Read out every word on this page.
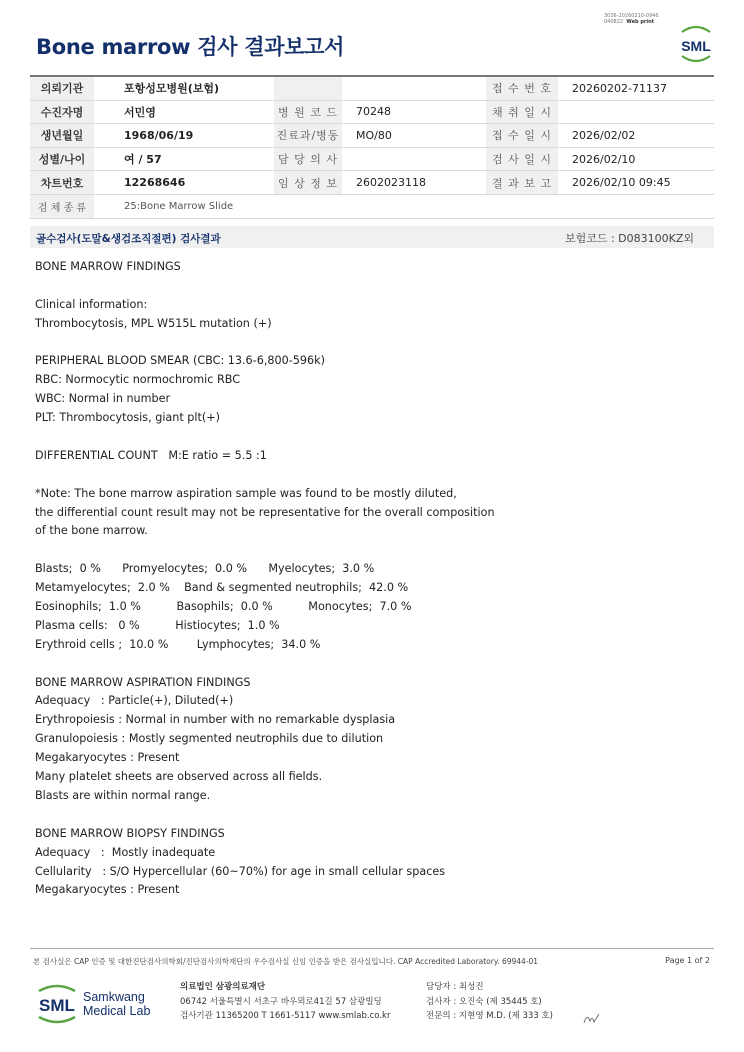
3036-20260210-0946
040822 Web print
Bone marrow 검사 결과보고서	SML
의뢰기관	포항성모병원(보험)			접 수 번 호	20260202-71137
수진자명	서민영	병 원 코 드	70248	채 취 일 시	
생년월일	1968/06/19	진료과/병동	MO/80	접 수 일 시	2026/02/02
성별/나이	여 / 57	담 당 의 사		검 사 일 시	2026/02/10
차트번호	12268646	임 상 정 보	2602023118	결 과 보 고	2026/02/10 09:45
검 체 종 류	25:Bone Marrow Slide				
골수검사(도말&생검조직절편) 검사결과	보험코드 : D083100KZ외
BONE MARROW FINDINGS
Clinical information:
Thrombocytosis, MPL W515L mutation (+)
PERIPHERAL BLOOD SMEAR (CBC: 13.6-6,800-596k)
RBC: Normocytic normochromic RBC
WBC: Normal in number
PLT: Thrombocytosis, giant plt(+)
DIFFERENTIAL COUNT   M:E ratio = 5.5 :1
*Note: The bone marrow aspiration sample was found to be mostly diluted,
the differential count result may not be representative for the overall composition
of the bone marrow.
Blasts;  0 %      Promyelocytes;  0.0 %      Myelocytes;  3.0 %
Metamyelocytes;  2.0 %    Band & segmented neutrophils;  42.0 %
Eosinophils;  1.0 %          Basophils;  0.0 %          Monocytes;  7.0 %
Plasma cells:   0 %          Histiocytes;  1.0 %
Erythroid cells ;  10.0 %        Lymphocytes;  34.0 %
BONE MARROW ASPIRATION FINDINGS
Adequacy   : Particle(+), Diluted(+)
Erythropoiesis : Normal in number with no remarkable dysplasia
Granulopoiesis : Mostly segmented neutrophils due to dilution
Megakaryocytes : Present
Many platelet sheets are observed across all fields.
Blasts are within normal range.
BONE MARROW BIOPSY FINDINGS
Adequacy   :  Mostly inadequate
Cellularity   : S/O Hypercellular (60~70%) for age in small cellular spaces
Megakaryocytes : Present
본 검사실은 CAP 인증 및 대한진단검사의학회/진단검사의학재단의 우수검사실 신임 인증을 받은 검사실입니다. CAP Accredited Laboratory. 69944-01	Page 1 of 2
SML Samkwang
Medical Lab
의료법인 삼광의료재단
06742 서울특별시 서초구 바우뫼로41길 57 삼광빌딩
검사기관 11365200 T 1661-5117 www.smlab.co.kr
담당자 : 최성진
검사자 : 오진숙 (제 35445 호)
전문의 : 지현영 M.D. (제 333 호)
